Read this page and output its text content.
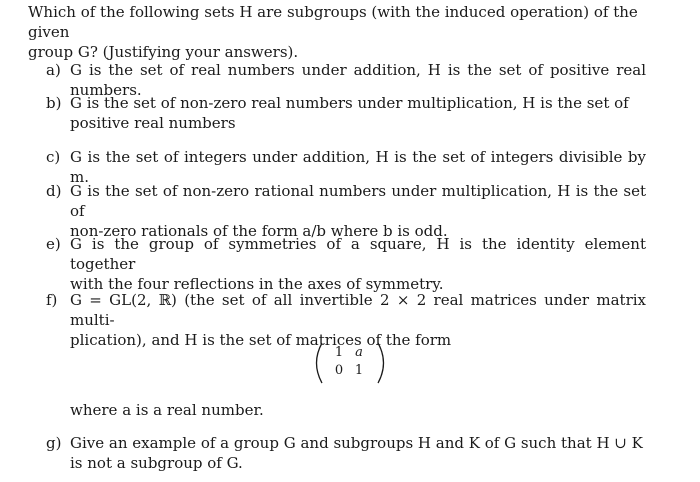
Which of the following sets H are subgroups (with the induced operation) of the given
group G? (Justifying your answers).
a) G is the set of real numbers under addition, H is the set of positive real numbers.
b) G is the set of non-zero real numbers under multiplication, H is the set of
positive real numbers
c) G is the set of integers under addition, H is the set of integers divisible by m.
d) G is the set of non-zero rational numbers under multiplication, H is the set of
non-zero rationals of the form a/b where b is odd.
e) G is the group of symmetries of a square, H is the identity element together
with the four reflections in the axes of symmetry.
f) G = GL(2, ℝ) (the set of all invertible 2 × 2 real matrices under matrix multi-
plication), and H is the set of matrices of the form
1 a
0 1
where a is a real number.
g) Give an example of a group G and subgroups H and K of G such that H ∪ K
is not a subgroup of G.
